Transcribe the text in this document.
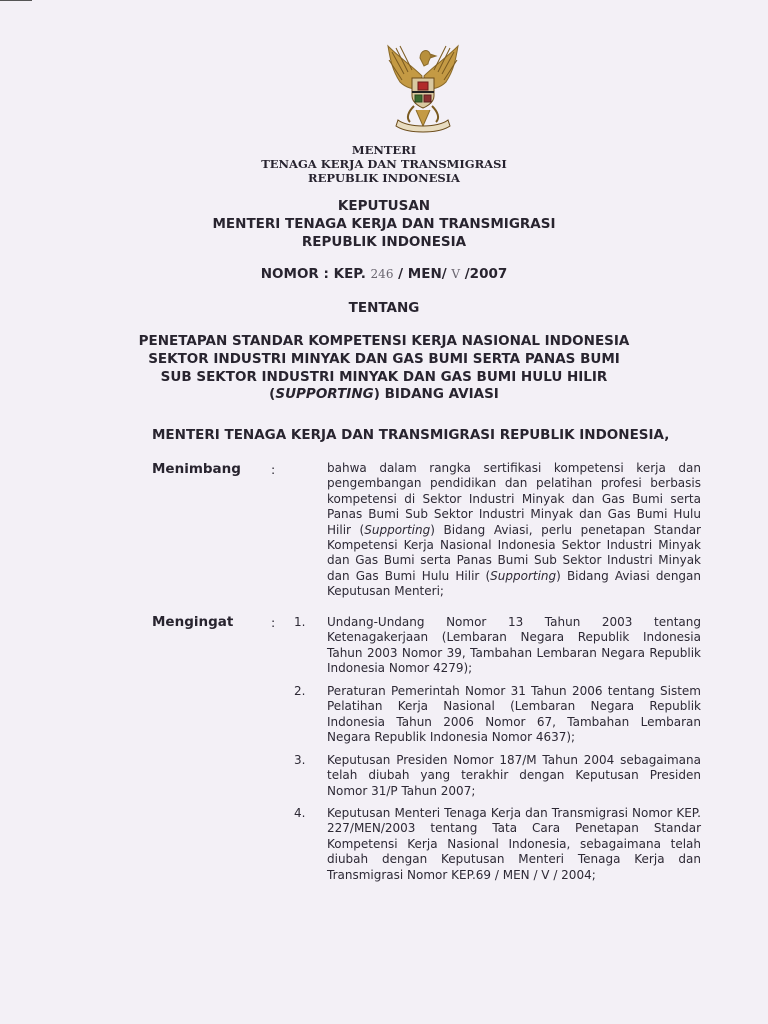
MENTERI
TENAGA KERJA DAN TRANSMIGRASI
REPUBLIK INDONESIA
KEPUTUSAN
MENTERI TENAGA KERJA DAN TRANSMIGRASI
REPUBLIK INDONESIA
NOMOR : KEP. 246 / MEN/ V /2007
TENTANG
PENETAPAN STANDAR KOMPETENSI KERJA NASIONAL INDONESIA
SEKTOR INDUSTRI MINYAK DAN GAS BUMI SERTA PANAS BUMI
SUB SEKTOR INDUSTRI MINYAK DAN GAS BUMI HULU HILIR
(SUPPORTING) BIDANG AVIASI
MENTERI TENAGA KERJA DAN TRANSMIGRASI REPUBLIK INDONESIA,
Menimbang :	bahwa dalam rangka sertifikasi kompetensi kerja dan pengembangan pendidikan dan pelatihan profesi berbasis kompetensi di Sektor Industri Minyak dan Gas Bumi serta Panas Bumi Sub Sektor Industri Minyak dan Gas Bumi Hulu Hilir (Supporting) Bidang Aviasi, perlu penetapan Standar Kompetensi Kerja Nasional Indonesia Sektor Industri Minyak dan Gas Bumi serta Panas Bumi Sub Sektor Industri Minyak dan Gas Bumi Hulu Hilir (Supporting) Bidang Aviasi dengan Keputusan Menteri;
Mengingat	: 1.	Undang-Undang Nomor 13 Tahun 2003 tentang Ketenagakerjaan (Lembaran Negara Republik Indonesia Tahun 2003 Nomor 39, Tambahan Lembaran Negara Republik Indonesia Nomor 4279);
2.	Peraturan Pemerintah Nomor 31 Tahun 2006 tentang Sistem Pelatihan Kerja Nasional (Lembaran Negara Republik Indonesia Tahun 2006 Nomor 67, Tambahan Lembaran Negara Republik Indonesia Nomor 4637);
3.	Keputusan Presiden Nomor 187/M Tahun 2004 sebagaimana telah diubah yang terakhir dengan Keputusan Presiden Nomor 31/P Tahun 2007;
4.	Keputusan Menteri Tenaga Kerja dan Transmigrasi Nomor KEP. 227/MEN/2003 tentang Tata Cara Penetapan Standar Kompetensi Kerja Nasional Indonesia, sebagaimana telah diubah dengan Keputusan Menteri Tenaga Kerja dan Transmigrasi Nomor KEP.69 / MEN / V / 2004;
